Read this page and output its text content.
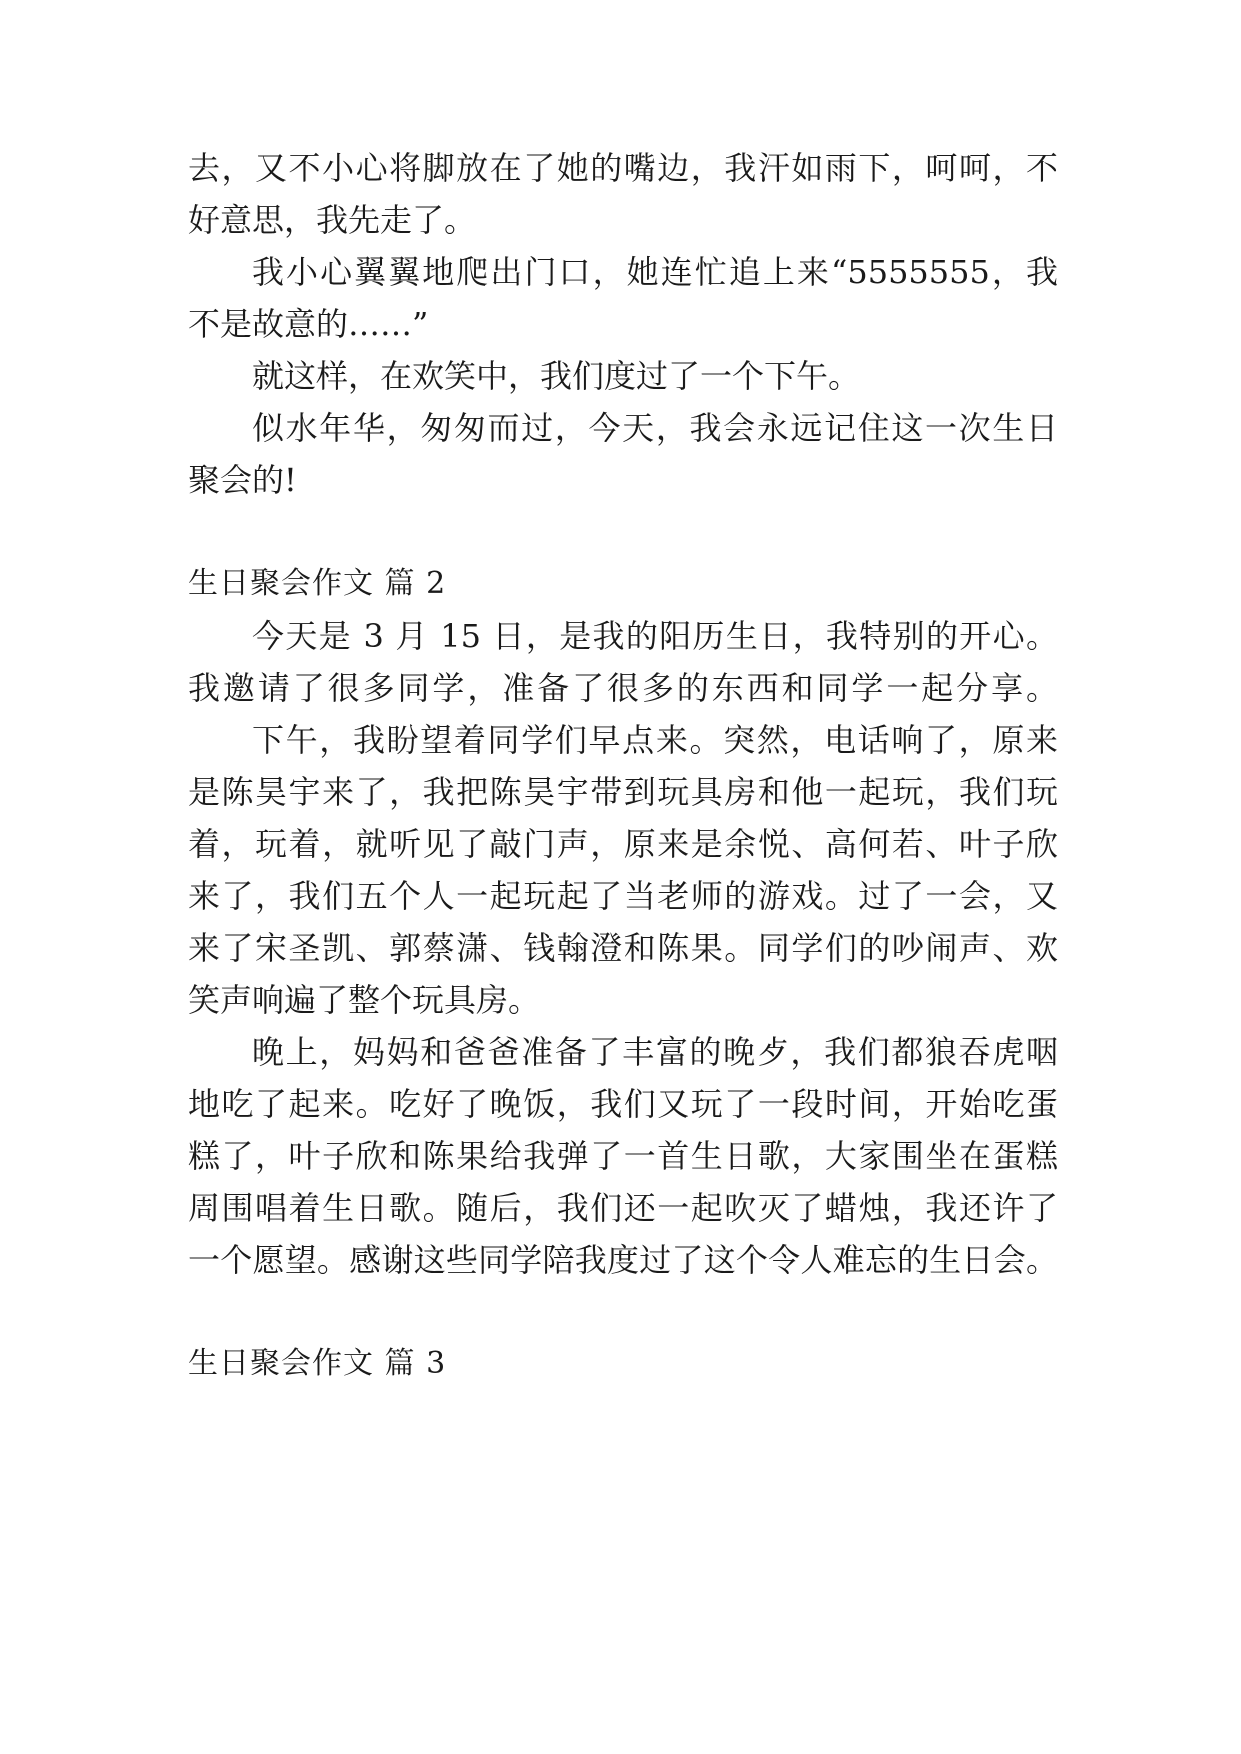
去，又不小心将脚放在了她的嘴边，我汗如雨下，呵呵，不
好意思，我先走了。
我小心翼翼地爬出门口，她连忙追上来“5555555，我
不是故意的……”
就这样，在欢笑中，我们度过了一个下午。
似水年华，匆匆而过，今天，我会永远记住这一次生日
聚会的!
生日聚会作文 篇 2
今天是 3 月 15 日，是我的阳历生日，我特别的开心。
我邀请了很多同学，准备了很多的东西和同学一起分享。
下午，我盼望着同学们早点来。突然，电话响了，原来
是陈昊宇来了，我把陈昊宇带到玩具房和他一起玩，我们玩
着，玩着，就听见了敲门声，原来是余悦、高何若、叶子欣
来了，我们五个人一起玩起了当老师的游戏。过了一会，又
来了宋圣凯、郭蔡潇、钱翰澄和陈果。同学们的吵闹声、欢
笑声响遍了整个玩具房。
晚上，妈妈和爸爸准备了丰富的晚歺，我们都狼吞虎咽
地吃了起来。吃好了晚饭，我们又玩了一段时间，开始吃蛋
糕了，叶子欣和陈果给我弹了一首生日歌，大家围坐在蛋糕
周围唱着生日歌。随后，我们还一起吹灭了蜡烛，我还许了
一个愿望。感谢这些同学陪我度过了这个令人难忘的生日会。
生日聚会作文 篇 3
